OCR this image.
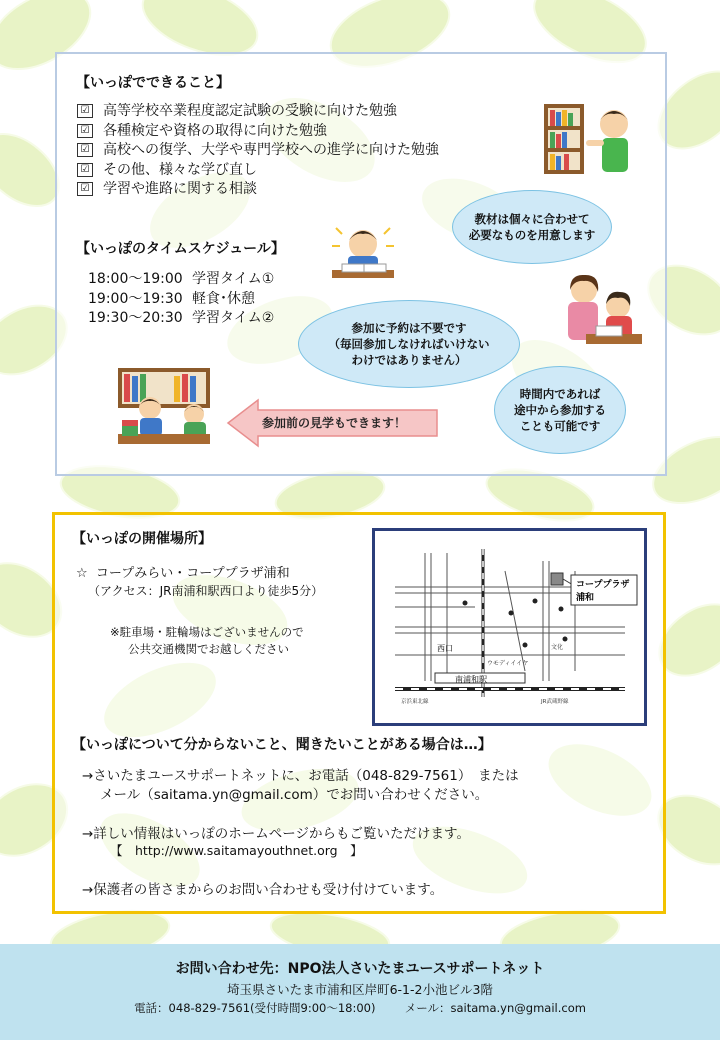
【いっぽでできること】
☑ 高等学校卒業程度認定試験の受験に向けた勉強
☑ 各種検定や資格の取得に向けた勉強
☑ 高校への復学、大学や専門学校への進学に向けた勉強
☑ その他、様々な学び直し
☑ 学習や進路に関する相談
教材は個々に合わせて
必要なものを用意します
【いっぽのタイムスケジュール】
18:00～19:00 学習タイム①
19:00～19:30 軽食･休憩
19:30～20:30 学習タイム②
参加に予約は不要です
（毎回参加しなければいけない
わけではありません）
時間内であれば
途中から参加する
ことも可能です
参加前の見学もできます！
【いっぽの開催場所】
☆ コープみらい・コーププラザ浦和
（アクセス：JR南浦和駅西口より徒歩5分）
※駐車場・駐輪場はございませんので
公共交通機関でお越しください
南浦和駅
西口
ウモディイイヤ
文化
京浜東北線	JR武蔵野線
コーププラザ
浦和
【いっぽについて分からないこと、聞きたいことがある場合は…】
→さいたまユースサポートネットに、お電話（048-829-7561）　または
メール（saitama.yn@gmail.com）でお問い合わせください。
→詳しい情報はいっぽのホームページからもご覧いただけます。
【　http://www.saitamayouthnet.org　】
→保護者の皆さまからのお問い合わせも受け付けています。
お問い合わせ先：NPO法人さいたまユースサポートネット
埼玉県さいたま市浦和区岸町6-1-2小池ビル3階
電話：048-829-7561(受付時間9:00～18:00)	メール：saitama.yn@gmail.com
